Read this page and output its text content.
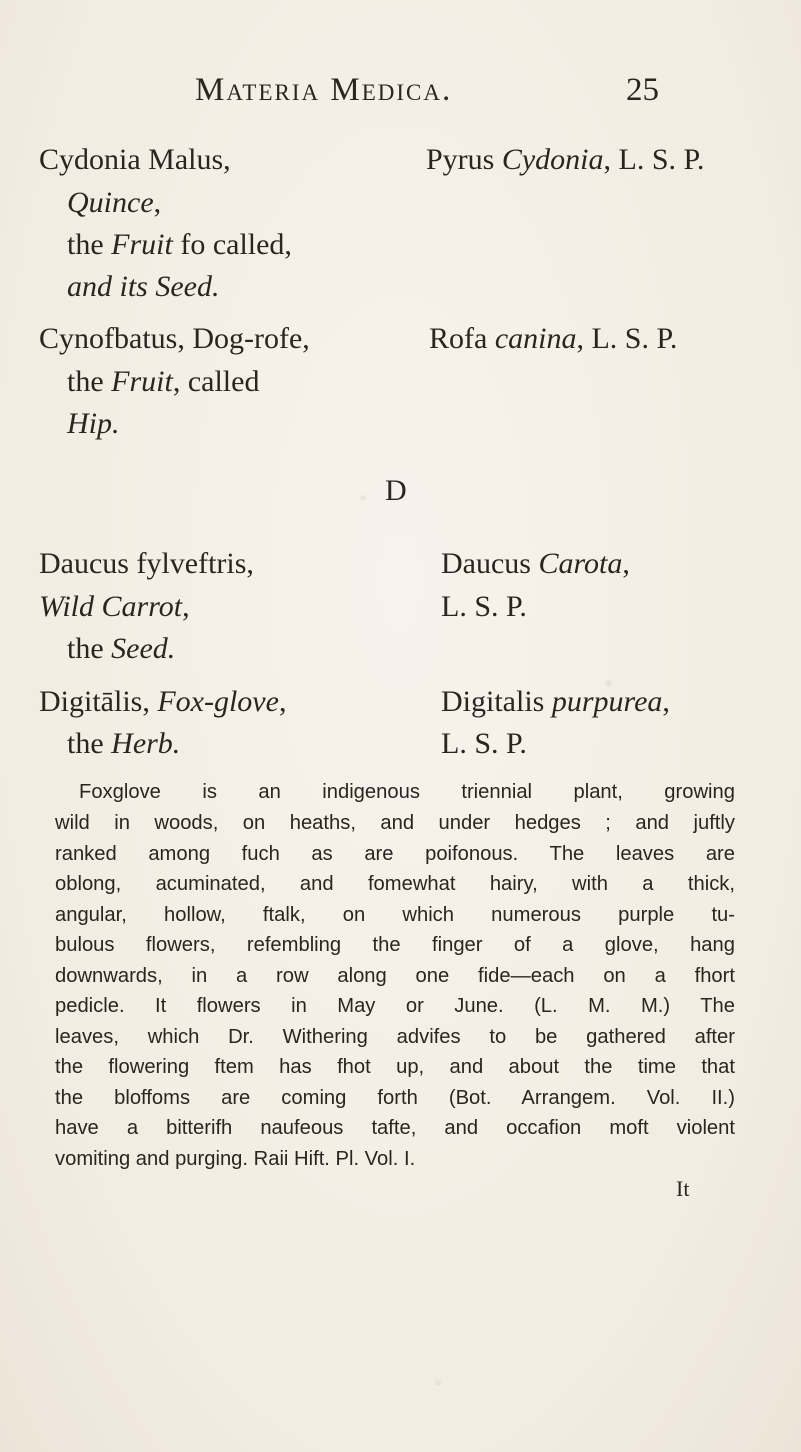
Materia Medica.	25
Cydonia Malus,	Pyrus Cydonia, L. S. P.
Quince,
the Fruit fo called,
and its Seed.
Cynofbatus, Dog-rofe,	Rofa canina, L. S. P.
the Fruit, called
Hip.
D
Daucus fylveftris,	Daucus Carota,
Wild Carrot,	L. S. P.
the Seed.
Digitālis, Fox-glove,	Digitalis purpurea,
the Herb.	L. S. P.
Foxglove is an indigenous triennial plant, growing
wild in woods, on heaths, and under hedges ; and juftly
ranked among fuch as are poifonous. The leaves are
oblong, acuminated, and fomewhat hairy, with a thick,
angular, hollow, ftalk, on which numerous purple tu-
bulous flowers, refembling the finger of a glove, hang
downwards, in a row along one fide—each on a fhort
pedicle. It flowers in May or June. (L. M. M.) The
leaves, which Dr. Withering advifes to be gathered after
the flowering ftem has fhot up, and about the time that
the bloffoms are coming forth (Bot. Arrangem. Vol. II.)
have a bitterifh naufeous tafte, and occafion moft violent
vomiting and purging. Raii Hift. Pl. Vol. I.
It
